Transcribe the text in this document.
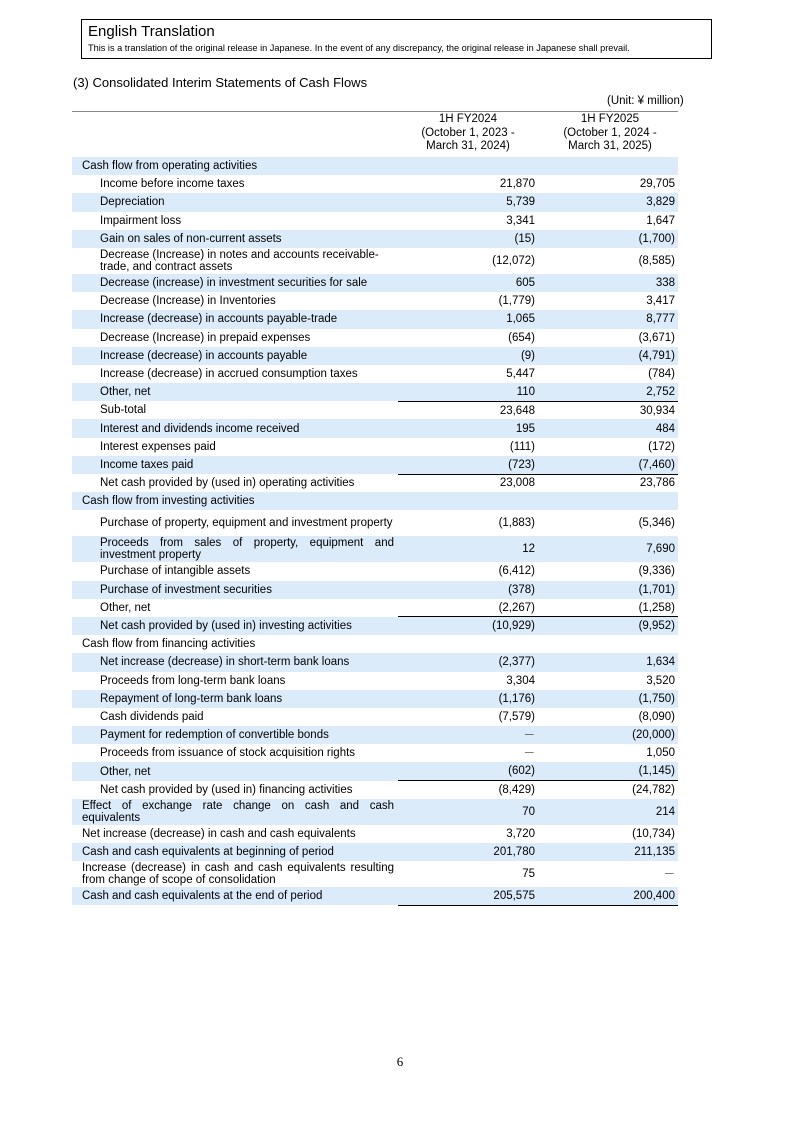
English Translation
This is a translation of the original release in Japanese. In the event of any discrepancy, the original release in Japanese shall prevail.
(3) Consolidated Interim Statements of Cash Flows
(Unit: ¥ million)
1H FY2024
(October 1, 2023 -
March 31, 2024)
1H FY2025
(October 1, 2024 -
March 31, 2025)
Cash flow from operating activities		
Income before income taxes	21,870	29,705
Depreciation	5,739	3,829
Impairment loss	3,341	1,647
Gain on sales of non-current assets	(15)	(1,700)
Decrease (Increase) in notes and accounts receivable-trade, and contract assets	(12,072)	(8,585)
Decrease (increase) in investment securities for sale	605	338
Decrease (Increase) in Inventories	(1,779)	3,417
Increase (decrease) in accounts payable-trade	1,065	8,777
Decrease (Increase) in prepaid expenses	(654)	(3,671)
Increase (decrease) in accounts payable	(9)	(4,791)
Increase (decrease) in accrued consumption taxes	5,447	(784)
Other, net	110	2,752
Sub-total	23,648	30,934
Interest and dividends income received	195	484
Interest expenses paid	(111)	(172)
Income taxes paid	(723)	(7,460)
Net cash provided by (used in) operating activities	23,008	23,786
Cash flow from investing activities		
Purchase of property, equipment and investment property	(1,883)	(5,346)
Proceeds from sales of property, equipment and investment property	12	7,690
Purchase of intangible assets	(6,412)	(9,336)
Purchase of investment securities	(378)	(1,701)
Other, net	(2,267)	(1,258)
Net cash provided by (used in) investing activities	(10,929)	(9,952)
Cash flow from financing activities		
Net increase (decrease) in short-term bank loans	(2,377)	1,634
Proceeds from long-term bank loans	3,304	3,520
Repayment of long-term bank loans	(1,176)	(1,750)
Cash dividends paid	(7,579)	(8,090)
Payment for redemption of convertible bonds	－	(20,000)
Proceeds from issuance of stock acquisition rights	－	1,050
Other, net	(602)	(1,145)
Net cash provided by (used in) financing activities	(8,429)	(24,782)
Effect of exchange rate change on cash and cash equivalents	70	214
Net increase (decrease) in cash and cash equivalents	3,720	(10,734)
Cash and cash equivalents at beginning of period	201,780	211,135
Increase (decrease) in cash and cash equivalents resulting from change of scope of consolidation	75	－
Cash and cash equivalents at the end of period	205,575	200,400
6
